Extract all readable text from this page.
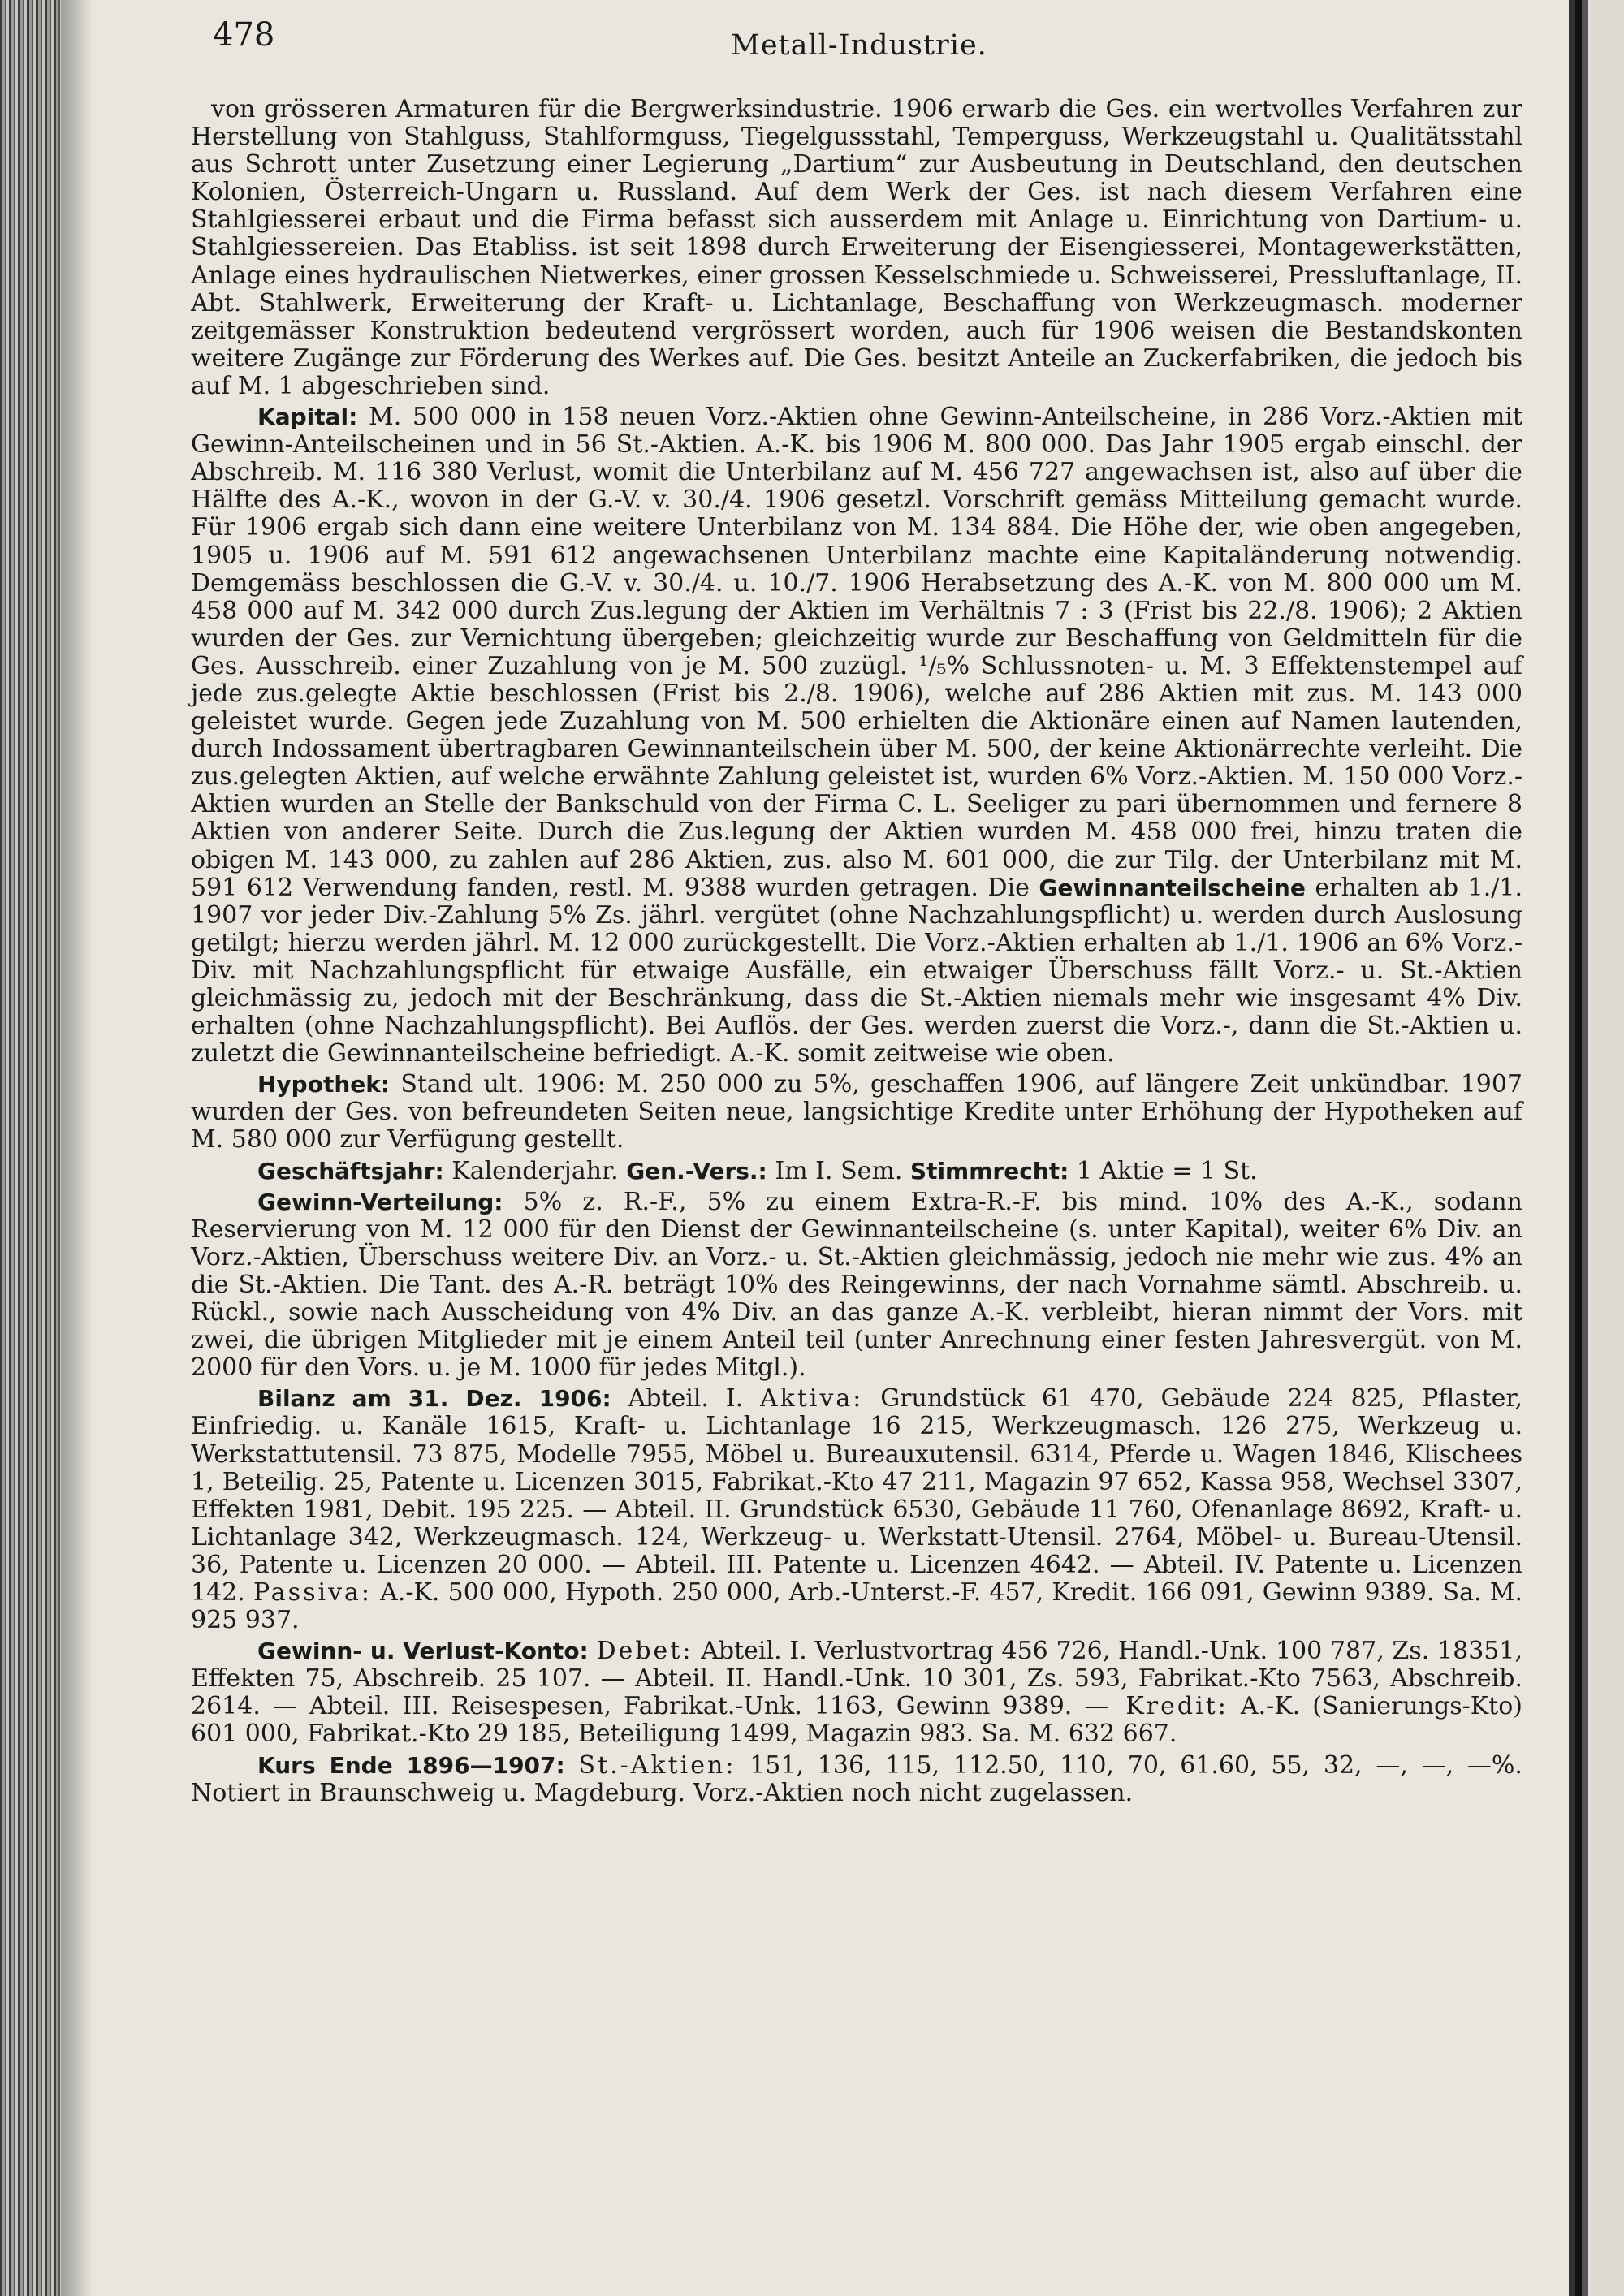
478	Metall-Industrie.

von grösseren Armaturen für die Bergwerksindustrie. 1906 erwarb die Ges. ein wertvolles Verfahren zur Herstellung von Stahlguss, Stahlformguss, Tiegelgussstahl, Temperguss, Werkzeugstahl u. Qualitätsstahl aus Schrott unter Zusetzung einer Legierung „Dartium“ zur Ausbeutung in Deutschland, den deutschen Kolonien, Österreich-Ungarn u. Russland. Auf dem Werk der Ges. ist nach diesem Verfahren eine Stahlgiesserei erbaut und die Firma befasst sich ausserdem mit Anlage u. Einrichtung von Dartium- u. Stahlgiessereien. Das Etabliss. ist seit 1898 durch Erweiterung der Eisengiesserei, Montagewerkstätten, Anlage eines hydraulischen Nietwerkes, einer grossen Kesselschmiede u. Schweisserei, Pressluftanlage, II. Abt. Stahlwerk, Erweiterung der Kraft- u. Lichtanlage, Beschaffung von Werkzeugmasch. moderner zeitgemässer Konstruktion bedeutend vergrössert worden, auch für 1906 weisen die Bestandskonten weitere Zugänge zur Förderung des Werkes auf. Die Ges. besitzt Anteile an Zuckerfabriken, die jedoch bis auf M. 1 abgeschrieben sind.

Kapital: M. 500 000 in 158 neuen Vorz.-Aktien ohne Gewinn-Anteilscheine, in 286 Vorz.-Aktien mit Gewinn-Anteilscheinen und in 56 St.-Aktien. A.-K. bis 1906 M. 800 000. Das Jahr 1905 ergab einschl. der Abschreib. M. 116 380 Verlust, womit die Unterbilanz auf M. 456 727 angewachsen ist, also auf über die Hälfte des A.-K., wovon in der G.-V. v. 30./4. 1906 gesetzl. Vorschrift gemäss Mitteilung gemacht wurde. Für 1906 ergab sich dann eine weitere Unterbilanz von M. 134 884. Die Höhe der, wie oben angegeben, 1905 u. 1906 auf M. 591 612 angewachsenen Unterbilanz machte eine Kapitaländerung notwendig. Demgemäss beschlossen die G.-V. v. 30./4. u. 10./7. 1906 Herabsetzung des A.-K. von M. 800 000 um M. 458 000 auf M. 342 000 durch Zus.legung der Aktien im Verhältnis 7 : 3 (Frist bis 22./8. 1906); 2 Aktien wurden der Ges. zur Vernichtung übergeben; gleichzeitig wurde zur Beschaffung von Geldmitteln für die Ges. Ausschreib. einer Zuzahlung von je M. 500 zuzügl. ¹/₅% Schlussnoten- u. M. 3 Effektenstempel auf jede zus.gelegte Aktie beschlossen (Frist bis 2./8. 1906), welche auf 286 Aktien mit zus. M. 143 000 geleistet wurde. Gegen jede Zuzahlung von M. 500 erhielten die Aktionäre einen auf Namen lautenden, durch Indossament übertragbaren Gewinnanteilschein über M. 500, der keine Aktionärrechte verleiht. Die zus.gelegten Aktien, auf welche erwähnte Zahlung geleistet ist, wurden 6% Vorz.-Aktien. M. 150 000 Vorz.-Aktien wurden an Stelle der Bankschuld von der Firma C. L. Seeliger zu pari übernommen und fernere 8 Aktien von anderer Seite. Durch die Zus.legung der Aktien wurden M. 458 000 frei, hinzu traten die obigen M. 143 000, zu zahlen auf 286 Aktien, zus. also M. 601 000, die zur Tilg. der Unterbilanz mit M. 591 612 Verwendung fanden, restl. M. 9388 wurden getragen. Die Gewinnanteilscheine erhalten ab 1./1. 1907 vor jeder Div.-Zahlung 5% Zs. jährl. vergütet (ohne Nachzahlungspflicht) u. werden durch Auslosung getilgt; hierzu werden jährl. M. 12 000 zurückgestellt. Die Vorz.-Aktien erhalten ab 1./1. 1906 an 6% Vorz.-Div. mit Nachzahlungspflicht für etwaige Ausfälle, ein etwaiger Überschuss fällt Vorz.- u. St.-Aktien gleichmässig zu, jedoch mit der Beschränkung, dass die St.-Aktien niemals mehr wie insgesamt 4% Div. erhalten (ohne Nachzahlungspflicht). Bei Auflös. der Ges. werden zuerst die Vorz.-, dann die St.-Aktien u. zuletzt die Gewinnanteilscheine befriedigt. A.-K. somit zeitweise wie oben.

Hypothek: Stand ult. 1906: M. 250 000 zu 5%, geschaffen 1906, auf längere Zeit unkündbar. 1907 wurden der Ges. von befreundeten Seiten neue, langsichtige Kredite unter Erhöhung der Hypotheken auf M. 580 000 zur Verfügung gestellt.

Geschäftsjahr: Kalenderjahr. Gen.-Vers.: Im I. Sem. Stimmrecht: 1 Aktie = 1 St.

Gewinn-Verteilung: 5% z. R.-F., 5% zu einem Extra-R.-F. bis mind. 10% des A.-K., sodann Reservierung von M. 12 000 für den Dienst der Gewinnanteilscheine (s. unter Kapital), weiter 6% Div. an Vorz.-Aktien, Überschuss weitere Div. an Vorz.- u. St.-Aktien gleichmässig, jedoch nie mehr wie zus. 4% an die St.-Aktien. Die Tant. des A.-R. beträgt 10% des Reingewinns, der nach Vornahme sämtl. Abschreib. u. Rückl., sowie nach Ausscheidung von 4% Div. an das ganze A.-K. verbleibt, hieran nimmt der Vors. mit zwei, die übrigen Mitglieder mit je einem Anteil teil (unter Anrechnung einer festen Jahresvergüt. von M. 2000 für den Vors. u. je M. 1000 für jedes Mitgl.).

Bilanz am 31. Dez. 1906: Abteil. I. Aktiva: Grundstück 61 470, Gebäude 224 825, Pflaster, Einfriedig. u. Kanäle 1615, Kraft- u. Lichtanlage 16 215, Werkzeugmasch. 126 275, Werkzeug u. Werkstattutensil. 73 875, Modelle 7955, Möbel u. Bureauxutensil. 6314, Pferde u. Wagen 1846, Klischees 1, Beteilig. 25, Patente u. Licenzen 3015, Fabrikat.-Kto 47 211, Magazin 97 652, Kassa 958, Wechsel 3307, Effekten 1981, Debit. 195 225. — Abteil. II. Grundstück 6530, Gebäude 11 760, Ofenanlage 8692, Kraft- u. Lichtanlage 342, Werkzeugmasch. 124, Werkzeug- u. Werkstatt-Utensil. 2764, Möbel- u. Bureau-Utensil. 36, Patente u. Licenzen 20 000. — Abteil. III. Patente u. Licenzen 4642. — Abteil. IV. Patente u. Licenzen 142. Passiva: A.-K. 500 000, Hypoth. 250 000, Arb.-Unterst.-F. 457, Kredit. 166 091, Gewinn 9389. Sa. M. 925 937.

Gewinn- u. Verlust-Konto: Debet: Abteil. I. Verlustvortrag 456 726, Handl.-Unk. 100 787, Zs. 18351, Effekten 75, Abschreib. 25 107. — Abteil. II. Handl.-Unk. 10 301, Zs. 593, Fabrikat.-Kto 7563, Abschreib. 2614. — Abteil. III. Reisespesen, Fabrikat.-Unk. 1163, Gewinn 9389. — Kredit: A.-K. (Sanierungs-Kto) 601 000, Fabrikat.-Kto 29 185, Beteiligung 1499, Magazin 983. Sa. M. 632 667.

Kurs Ende 1896—1907: St.-Aktien: 151, 136, 115, 112.50, 110, 70, 61.60, 55, 32, —, —, —%. Notiert in Braunschweig u. Magdeburg. Vorz.-Aktien noch nicht zugelassen.
